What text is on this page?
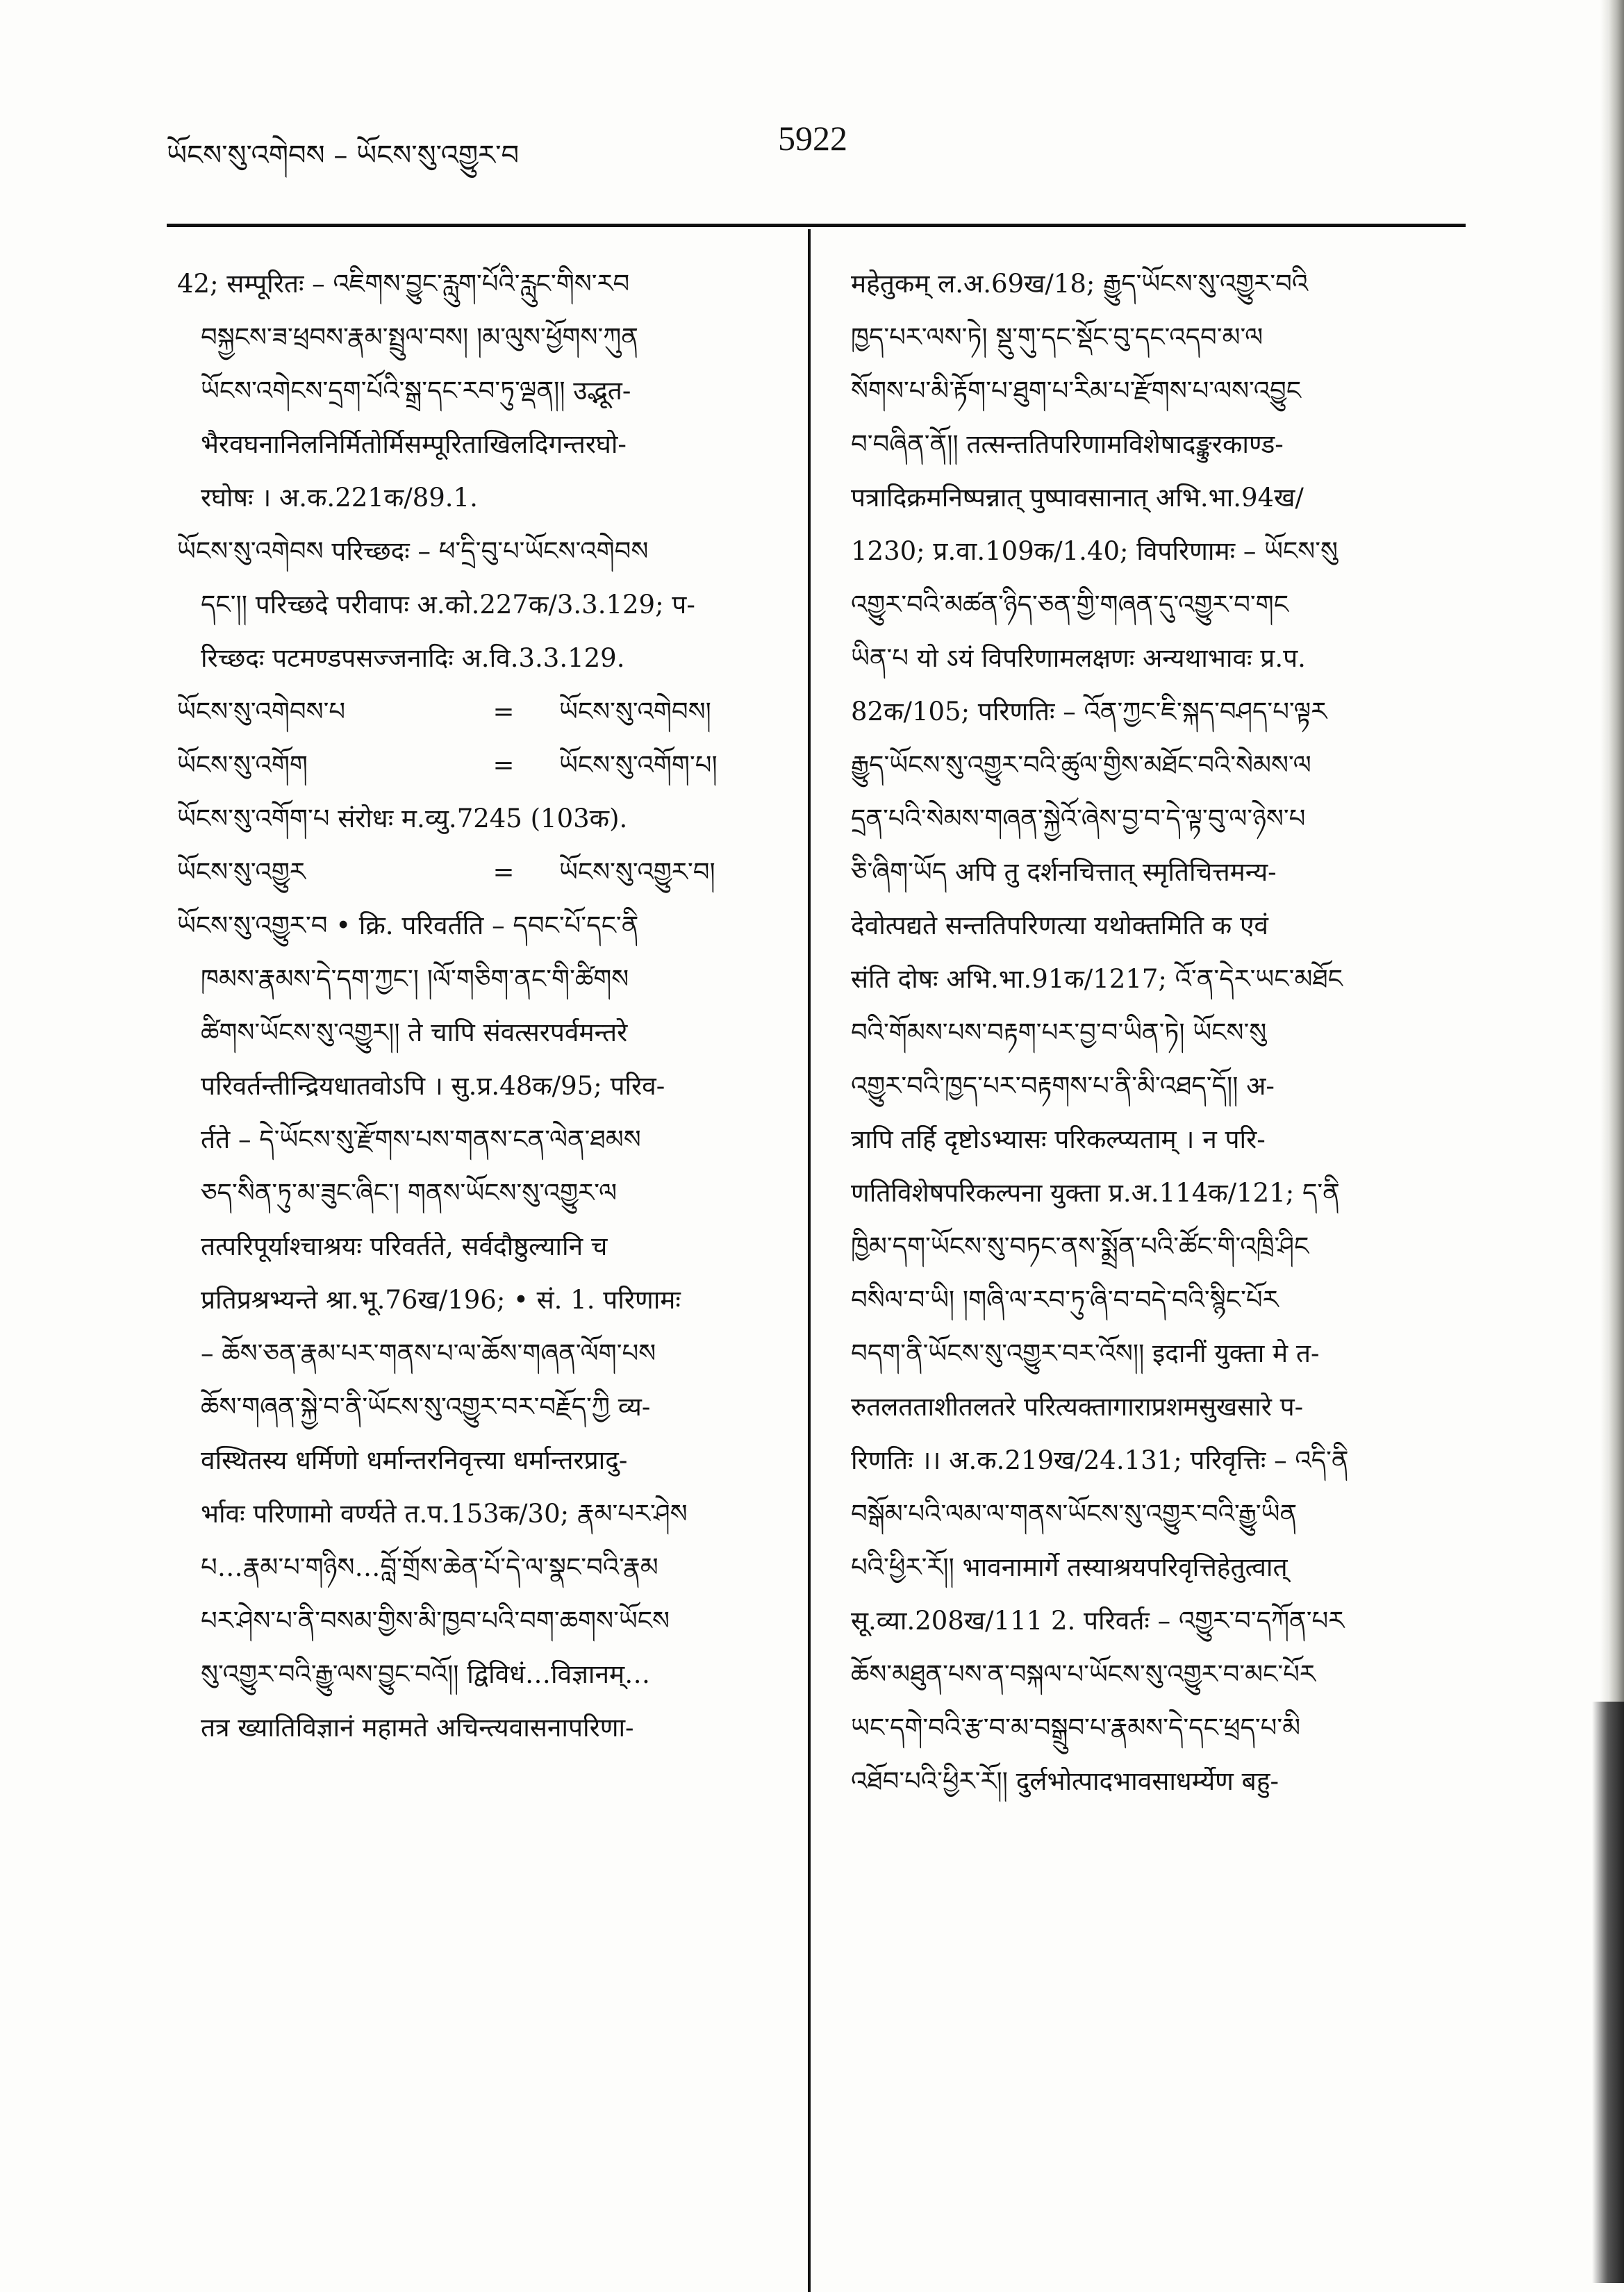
ཡོངས་སུ་འགེབས – ཡོངས་སུ་འགྱུར་བ	5922
42; सम्पूरितः – འཇིགས་བྱུང་རླུག་པོའི་རླུང་གིས་རབ
བསྐྱངས་ཟ་ཕྲབས་རྣམ་སྤྲུལ་བས། །མ་ལུས་ཕྱོགས་ཀུན
ཡོངས་འགེངས་དྲག་པོའི་སྒྲ་དང་རབ་ཏུ་ལྡན།། उद्भूत-
भैरवघनानिलनिर्मितोर्मिसम्पूरिताखिलदिगन्तरघो-
रघोषः । अ.क.221क/89.1.
ཡོངས་སུ་འགེབས परिच्छदः – ཕ་དྲི་བུ་པ་ཡོངས་འགེབས
དང་།། परिच्छदे परीवापः अ.को.227क/3.3.129; प-
रिच्छदः पटमण्डपसज्जनादिः अ.वि.3.3.129.
ཡོངས་སུ་འགེབས་པ	=	ཡོངས་སུ་འགེབས།
ཡོངས་སུ་འགོག	=	ཡོངས་སུ་འགོག་པ།
ཡོངས་སུ་འགོག་པ संरोधः म.व्यु.7245 (103क).
ཡོངས་སུ་འགྱུར	=	ཡོངས་སུ་འགྱུར་བ།
ཡོངས་སུ་འགྱུར་བ • क्रि. परिवर्तति – དབང་པོ་དང་ནི
ཁམས་རྣམས་དེ་དག་ཀྱང་། །ལོ་གཅིག་ནང་གི་ཚིགས
ཚིགས་ཡོངས་སུ་འགྱུར།། ते चापि संवत्सरपर्वमन्तरे
परिवर्तन्तीन्द्रियधातवोऽपि । सु.प्र.48क/95; परिव-
र्तते – དེ་ཡོངས་སུ་རྫོགས་པས་གནས་ངན་ལེན་ཐམས
ཅད་སིན་ཏུ་མ་ཟུང་ཞིང་། གནས་ཡོངས་སུ་འགྱུར་ལ
तत्परिपूर्याश्चाश्रयः परिवर्तते, सर्वदौष्ठुल्यानि च
प्रतिप्रश्रभ्यन्ते श्रा.भू.76ख/196; • सं. 1. परिणामः
– ཆོས་ཅན་རྣམ་པར་གནས་པ་ལ་ཆོས་གཞན་ལོག་པས
ཆོས་གཞན་སྐྱེ་བ་ནི་ཡོངས་སུ་འགྱུར་བར་བརྗོད་ཀྱི व्य-
वस्थितस्य धर्मिणो धर्मान्तरनिवृत्त्या धर्मान्तरप्रादु-
र्भावः परिणामो वर्ण्यते त.प.153क/30; རྣམ་པར་ཤེས
པ…རྣམ་པ་གཉིས…བློ་གྲོས་ཆེན་པོ་དེ་ལ་སྣང་བའི་རྣམ
པར་ཤེས་པ་ནི་བསམ་གྱིས་མི་ཁྱབ་པའི་བག་ཆགས་ཡོངས
སུ་འགྱུར་བའི་རྒྱུ་ལས་བྱུང་བའོ།། द्विविधं…विज्ञानम्…
तत्र ख्यातिविज्ञानं महामते अचिन्त्यवासनापरिणा-
महेतुकम् ल.अ.69ख/18; རྒྱུད་ཡོངས་སུ་འགྱུར་བའི
ཁྱད་པར་ལས་ཏེ། སྡུ་གུ་དང་སྡོང་བུ་དང་འདབ་མ་ལ
སོགས་པ་མི་རྟོག་པ་ཐུག་པ་རིམ་པ་རྫོགས་པ་ལས་འབྱུང
བ་བཞིན་ནོ།། तत्सन्ततिपरिणामविशेषादङ्कुरकाण्ड-
पत्रादिक्रमनिष्पन्नात् पुष्पावसानात् अभि.भा.94ख/
1230; प्र.वा.109क/1.40; विपरिणामः – ཡོངས་སུ
འགྱུར་བའི་མཚན་ཉིད་ཅན་གྱི་གཞན་དུ་འགྱུར་བ་གང
ཡིན་པ यो ऽयं विपरिणामलक्षणः अन्यथाभावः प्र.प.
82क/105; परिणतिः – འོན་ཀྱང་ཇི་སྐད་བཤད་པ་ལྟར
རྒྱུད་ཡོངས་སུ་འགྱུར་བའི་ཚུལ་གྱིས་མཐོང་བའི་སེམས་ལ
དྲན་པའི་སེམས་གཞན་སྐྱེའོ་ཞེས་བྱ་བ་དེ་ལྟ་བུ་ལ་ཉེས་པ
ཅི་ཞིག་ཡོད अपि तु दर्शनचित्तात् स्मृतिचित्तमन्य-
देवोत्पद्यते सन्ततिपरिणत्या यथोक्तमिति क एवं
संति दोषः अभि.भा.91क/1217; འོ་ན་དེར་ཡང་མཐོང
བའི་གོམས་པས་བརྟག་པར་བྱ་བ་ཡིན་ཏེ། ཡོངས་སུ
འགྱུར་བའི་ཁྱད་པར་བརྟགས་པ་ནི་མི་འཐད་དོ།། अ-
त्रापि तर्हि दृष्टोऽभ्यासः परिकल्प्यताम् । न परि-
णतिविशेषपरिकल्पना युक्ता प्र.अ.114क/121; ད་ནི
ཁྱིམ་དག་ཡོངས་སུ་བཏང་ནས་སྨྲོན་པའི་ཚོང་གི་འཁྲི་ཤིང
བསིལ་བ་ཡི། །གཞི་ལ་རབ་ཏུ་ཞི་བ་བདེ་བའི་སྙིང་པོར
བདག་ནི་ཡོངས་སུ་འགྱུར་བར་འོས།། इदानीं युक्ता मे त-
रुतलतताशीतलतरे परित्यक्तागाराप्रशमसुखसारे प-
रिणतिः ।। अ.क.219ख/24.131; परिवृत्तिः – འདི་ནི
བསྒོམ་པའི་ལམ་ལ་གནས་ཡོངས་སུ་འགྱུར་བའི་རྒྱུ་ཡིན
པའི་ཕྱིར་རོ།། भावनामार्गे तस्याश्रयपरिवृत्तिहेतुत्वात्
सू.व्या.208ख/111 2. परिवर्तः – འགྱུར་བ་དཀོན་པར
ཆོས་མཐུན་པས་ན་བསྐལ་པ་ཡོངས་སུ་འགྱུར་བ་མང་པོར
ཡང་དགེ་བའི་རྩ་བ་མ་བསྒྲུབ་པ་རྣམས་དེ་དང་ཕྲད་པ་མི
འཐོབ་པའི་ཕྱིར་རོ།། दुर्लभोत्पादभावसाधर्म्येण बहु-
